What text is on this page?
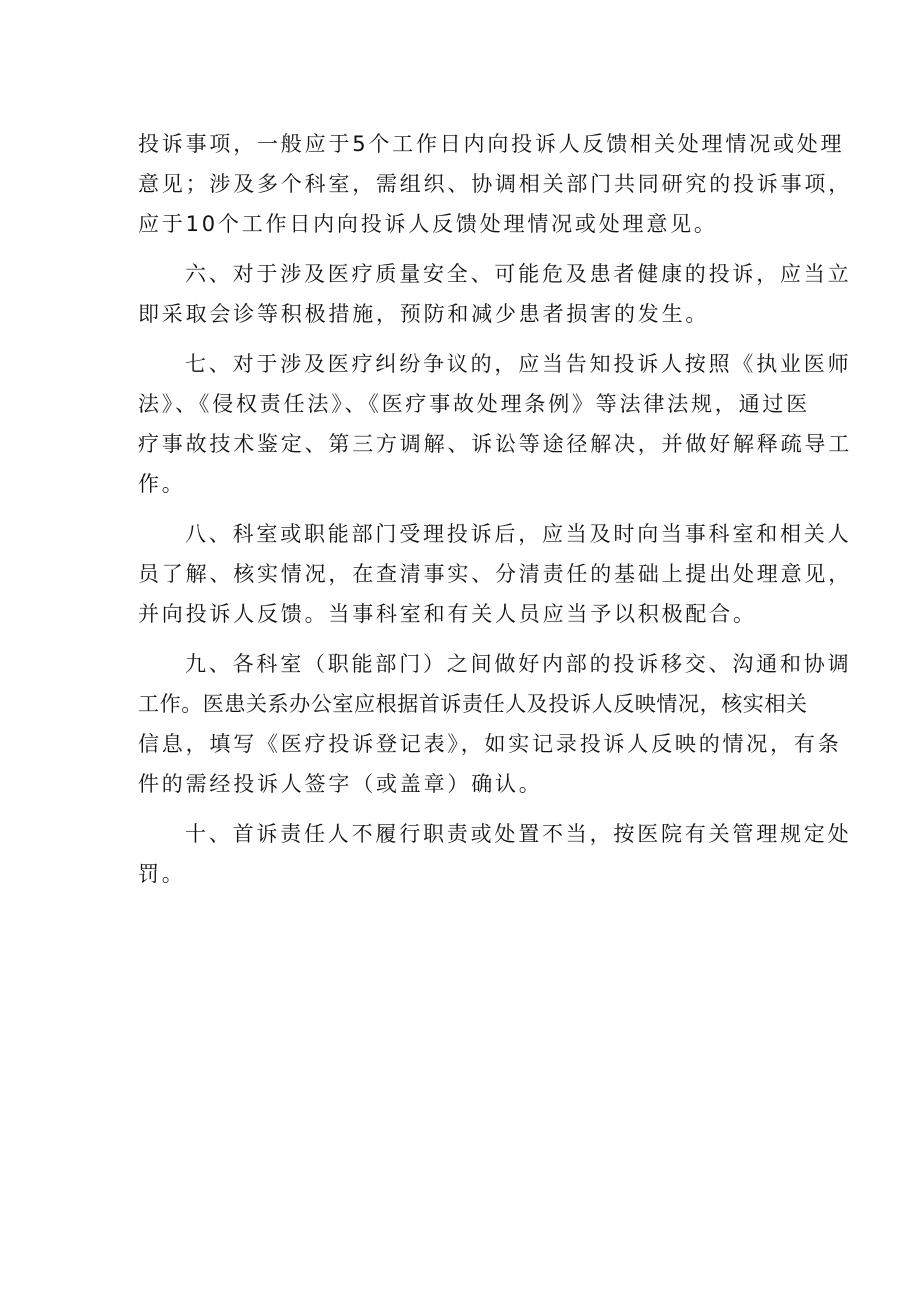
投诉事项，一般应于5个工作日内向投诉人反馈相关处理情况或处理
意见；涉及多个科室，需组织、协调相关部门共同研究的投诉事项，
应于10个工作日内向投诉人反馈处理情况或处理意见。

六、对于涉及医疗质量安全、可能危及患者健康的投诉，应当立
即采取会诊等积极措施，预防和减少患者损害的发生。

七、对于涉及医疗纠纷争议的，应当告知投诉人按照《执业医师
法》、《侵权责任法》、《医疗事故处理条例》等法律法规，通过医
疗事故技术鉴定、第三方调解、诉讼等途径解决，并做好解释疏导工
作。

八、科室或职能部门受理投诉后，应当及时向当事科室和相关人
员了解、核实情况，在查清事实、分清责任的基础上提出处理意见，
并向投诉人反馈。当事科室和有关人员应当予以积极配合。

九、各科室（职能部门）之间做好内部的投诉移交、沟通和协调
工作。医患关系办公室应根据首诉责任人及投诉人反映情况，核实相关
信息，填写《医疗投诉登记表》，如实记录投诉人反映的情况，有条
件的需经投诉人签字（或盖章）确认。

十、首诉责任人不履行职责或处置不当，按医院有关管理规定处
罚。
